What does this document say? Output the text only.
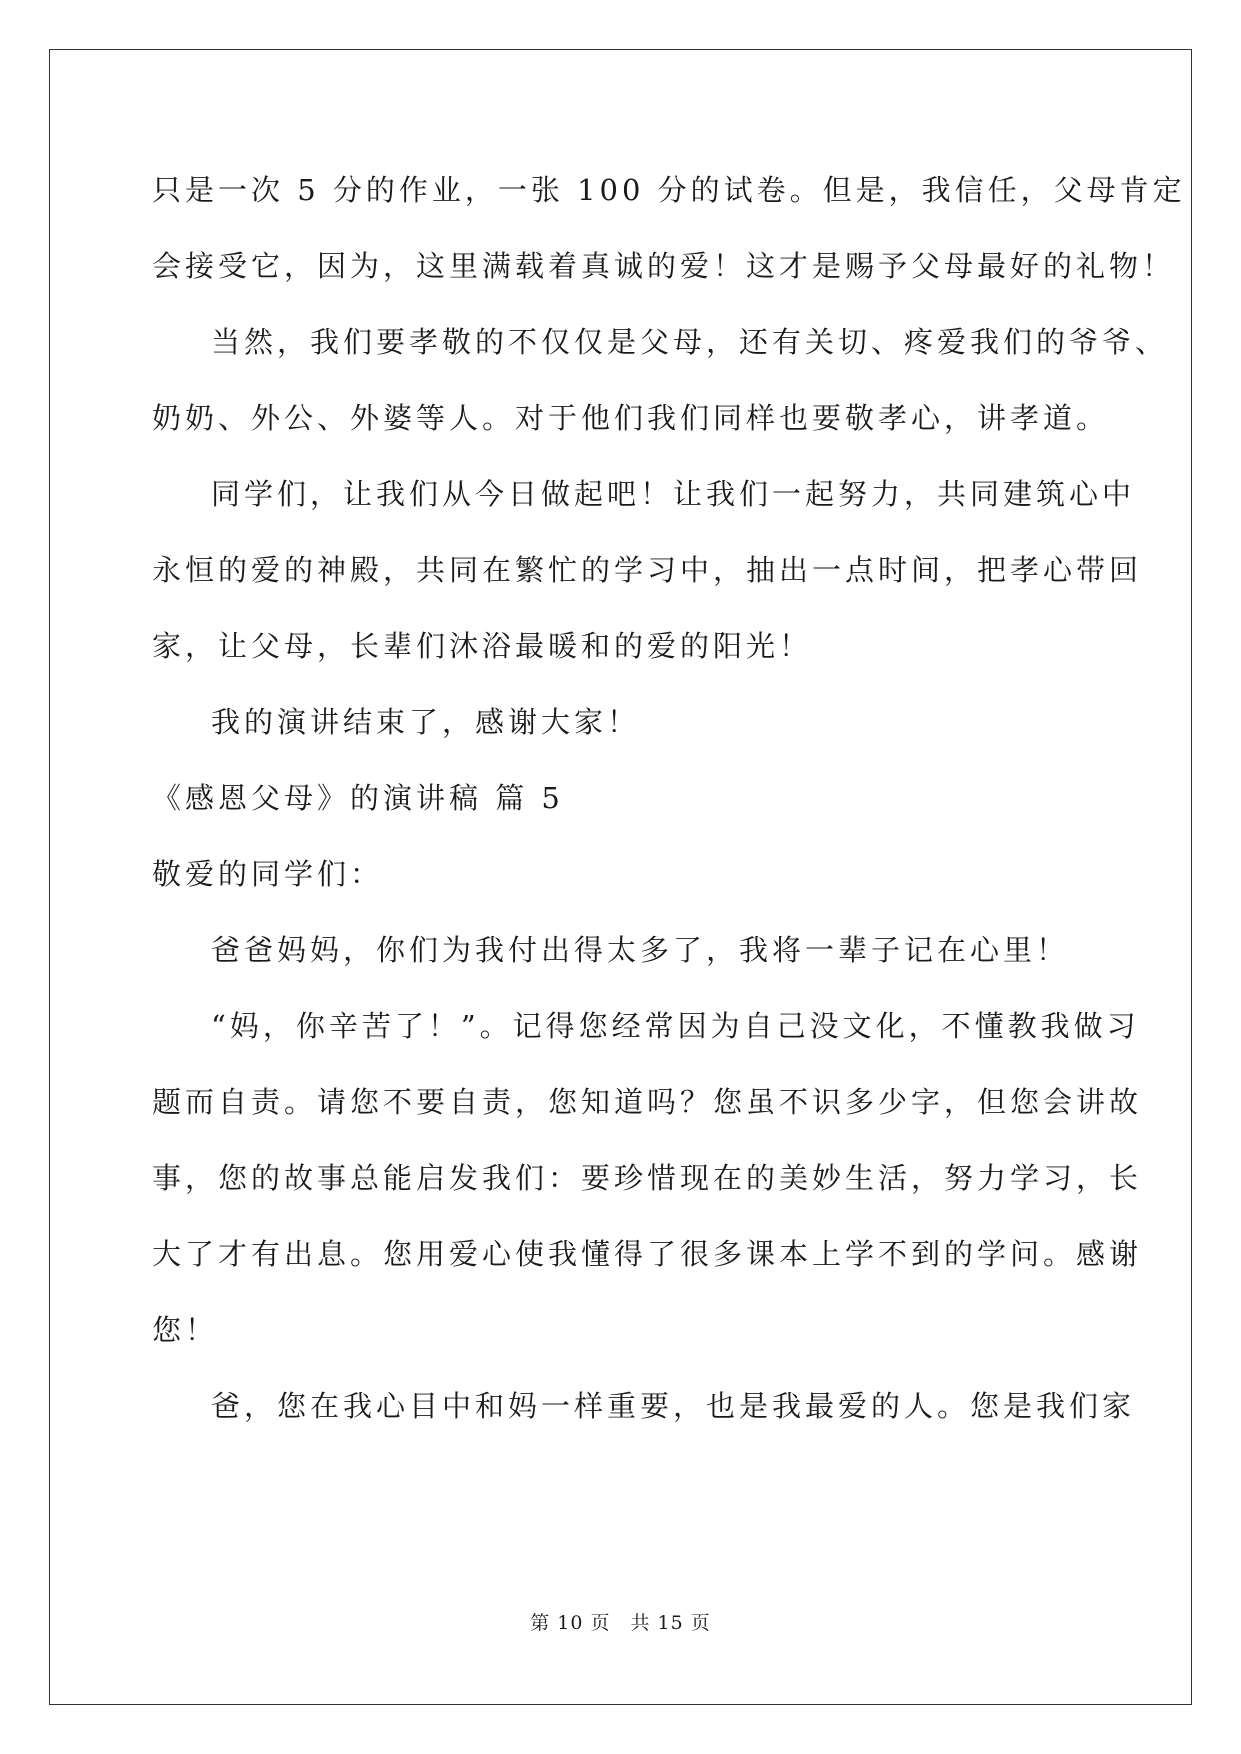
只是一次 5 分的作业，一张 100 分的试卷。但是，我信任，父母肯定
会接受它，因为，这里满载着真诚的爱！这才是赐予父母最好的礼物！
当然，我们要孝敬的不仅仅是父母，还有关切、疼爱我们的爷爷、
奶奶、外公、外婆等人。对于他们我们同样也要敬孝心，讲孝道。
同学们，让我们从今日做起吧！让我们一起努力，共同建筑心中
永恒的爱的神殿，共同在繁忙的学习中，抽出一点时间，把孝心带回
家，让父母，长辈们沐浴最暖和的爱的阳光！
我的演讲结束了，感谢大家！
《感恩父母》的演讲稿 篇 5
敬爱的同学们：
爸爸妈妈，你们为我付出得太多了，我将一辈子记在心里！
“妈，你辛苦了！”。记得您经常因为自己没文化，不懂教我做习
题而自责。请您不要自责，您知道吗？您虽不识多少字，但您会讲故
事，您的故事总能启发我们：要珍惜现在的美妙生活，努力学习，长
大了才有出息。您用爱心使我懂得了很多课本上学不到的学问。感谢
您！
爸，您在我心目中和妈一样重要，也是我最爱的人。您是我们家
第 10 页 共 15 页
